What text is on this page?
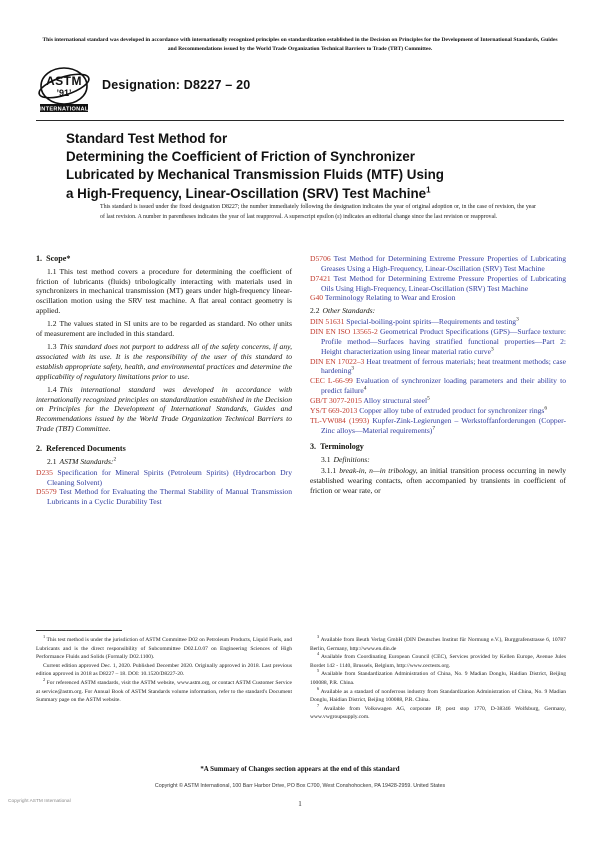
This international standard was developed in accordance with internationally recognized principles on standardization established in the Decision on Principles for the Development of International Standards, Guides and Recommendations issued by the World Trade Organization Technical Barriers to Trade (TBT) Committee.
ASTM
’91’
INTERNATIONAL
Designation: D8227 – 20
Standard Test Method for
Determining the Coefficient of Friction of Synchronizer
Lubricated by Mechanical Transmission Fluids (MTF) Using
a High-Frequency, Linear-Oscillation (SRV) Test Machine$^1$
This standard is issued under the fixed designation D8227; the number immediately following the designation indicates the year of original adoption or, in the case of revision, the year of last revision. A number in parentheses indicates the year of last reapproval. A superscript epsilon (ε) indicates an editorial change since the last revision or reapproval.
1. Scope*

1.1 This test method covers a procedure for determining the coefficient of friction of lubricants (fluids) tribologically interacting with materials used in synchronizers in mechanical transmission (MT) gears under high-frequency linear-oscillation motion using the SRV test machine. A flat areal contact geometry is applied.

1.2 The values stated in SI units are to be regarded as standard. No other units of measurement are included in this standard.

1.3 This standard does not purport to address all of the safety concerns, if any, associated with its use. It is the responsibility of the user of this standard to establish appropriate safety, health, and environmental practices and determine the applicability of regulatory limitations prior to use.

1.4 This international standard was developed in accordance with internationally recognized principles on standardization established in the Decision on Principles for the Development of International Standards, Guides and Recommendations issued by the World Trade Organization Technical Barriers to Trade (TBT) Committee.

2. Referenced Documents

2.1 ASTM Standards:$^2$

D235 Specification for Mineral Spirits (Petroleum Spirits) (Hydrocarbon Dry Cleaning Solvent)

D5579 Test Method for Evaluating the Thermal Stability of Manual Transmission Lubricants in a Cyclic Durability Test

D5706 Test Method for Determining Extreme Pressure Properties of Lubricating Greases Using a High-Frequency, Linear-Oscillation (SRV) Test Machine

D7421 Test Method for Determining Extreme Pressure Properties of Lubricating Oils Using High-Frequency, Linear-Oscillation (SRV) Test Machine

G40 Terminology Relating to Wear and Erosion

2.2 Other Standards:

DIN 51631 Special-boiling-point spirits—Requirements and testing$^3$

DIN EN ISO 13565-2 Geometrical Product Specifications (GPS)—Surface texture: Profile method—Surfaces having stratified functional properties—Part 2: Height characterization using linear material ratio curve$^3$

DIN EN 17022–3 Heat treatment of ferrous materials; heat treatment methods; case hardening$^3$

CEC L-66-99 Evaluation of synchronizer loading parameters and their ability to predict failure$^4$

GB/T 3077-2015 Alloy structural steel$^5$

YS/T 669-2013 Copper alloy tube of extruded product for synchronizer rings$^6$

TL-VW084 (1993) Kupfer-Zink-Legierungen – Werkstoffanforderungen (Copper-Zinc alloys—Material requirements)$^7$

3. Terminology

3.1 Definitions:

3.1.1 break-in, n—in tribology, an initial transition process occurring in newly established wearing contacts, often accompanied by transients in coefficient of friction or wear rate, or

$^1$ This test method is under the jurisdiction of ASTM Committee D02 on Petroleum Products, Liquid Fuels, and Lubricants and is the direct responsibility of Subcommittee D02.L0.07 on Engineering Sciences of High Performance Fluids and Solids (Formally D02.1100).

Current edition approved Dec. 1, 2020. Published December 2020. Originally approved in 2018. Last previous edition approved in 2018 as D8227 – 18. DOI: 10.1520/D8227-20.

$^2$ For referenced ASTM standards, visit the ASTM website, www.astm.org, or contact ASTM Customer Service at service@astm.org. For Annual Book of ASTM Standards volume information, refer to the standard's Document Summary page on the ASTM website.

$^3$ Available from Beuth Verlag GmbH (DIN Deutsches Institut für Normung e.V.), Burggrafenstrasse 6, 10787 Berlin, Germany, http://www.en.din.de

$^4$ Available from Coordinating European Council (CEC), Services provided by Kellen Europe, Avenue Jules Bordet 142 - 1140, Brussels, Belgium, http://www.cectests.org.

$^5$ Available from Standardization Administration of China, No. 9 Madian Donglu, Haidian District, Beijing 100088, P.R. China.

$^6$ Available as a standard of nonferrous industry from Standardization Administration of China, No. 9 Madian Donglu, Haidian District, Beijing 100088, P.R. China.

$^7$ Available from Volkswagen AG, corporate IP, post stop 1770, D-38346 Wolfsburg, Germany, www.vwgroupsupply.com.

*A Summary of Changes section appears at the end of this standard
Copyright © ASTM International, 100 Barr Harbor Drive, PO Box C700, West Conshohocken, PA 19428-2959. United States
1
Copyright ASTM International
